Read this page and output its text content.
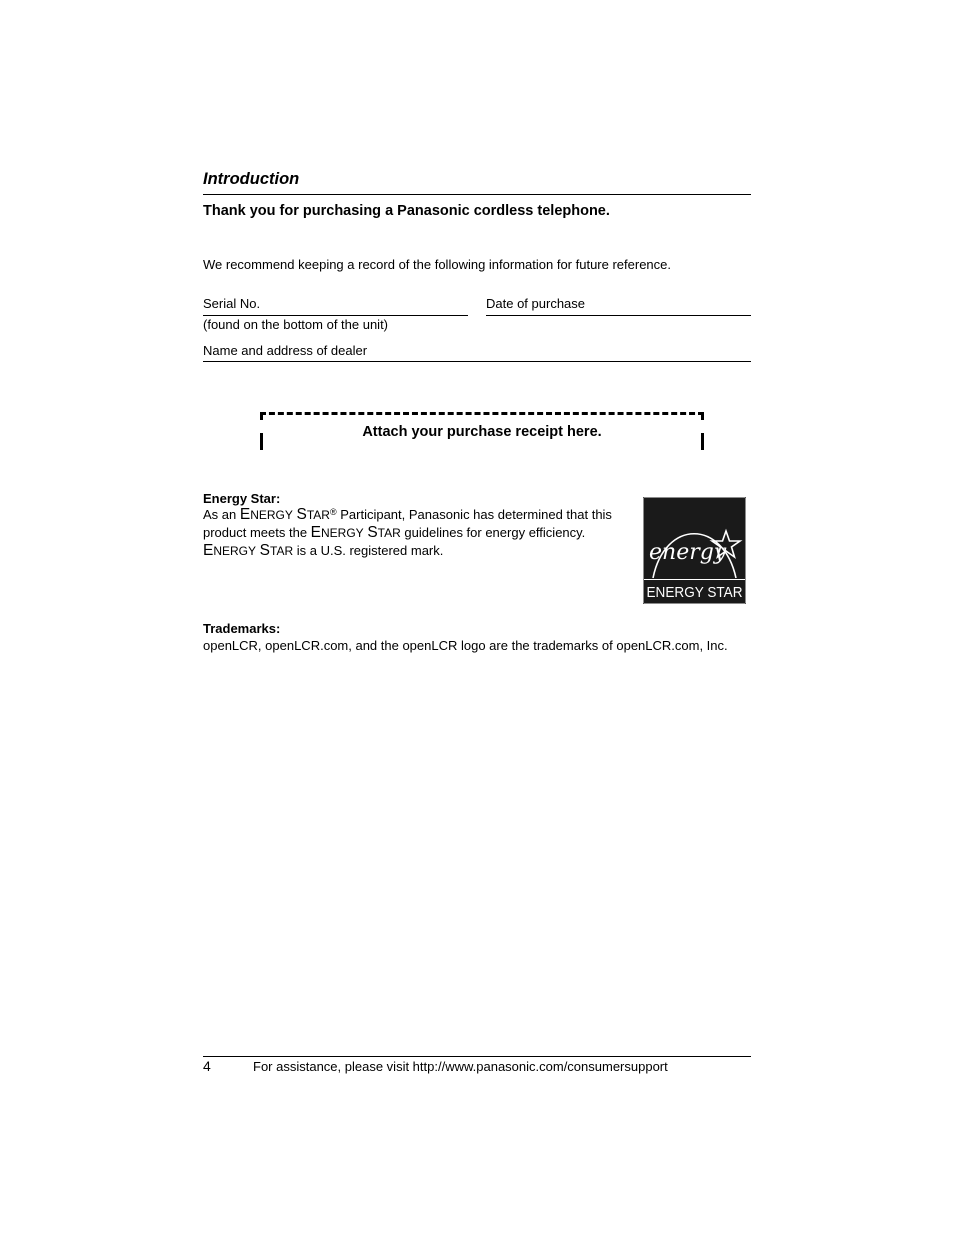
Introduction
Thank you for purchasing a Panasonic cordless telephone.
We recommend keeping a record of the following information for future reference.
Serial No.	Date of purchase
(found on the bottom of the unit)
Name and address of dealer
Attach your purchase receipt here.
Energy Star:
As an ENERGY STAR® Participant, Panasonic has determined that this product meets the ENERGY STAR guidelines for energy efficiency. ENERGY STAR is a U.S. registered mark.	energy
ENERGY STAR
Trademarks:
openLCR, openLCR.com, and the openLCR logo are the trademarks of openLCR.com, Inc.
4	For assistance, please visit http://www.panasonic.com/consumersupport
